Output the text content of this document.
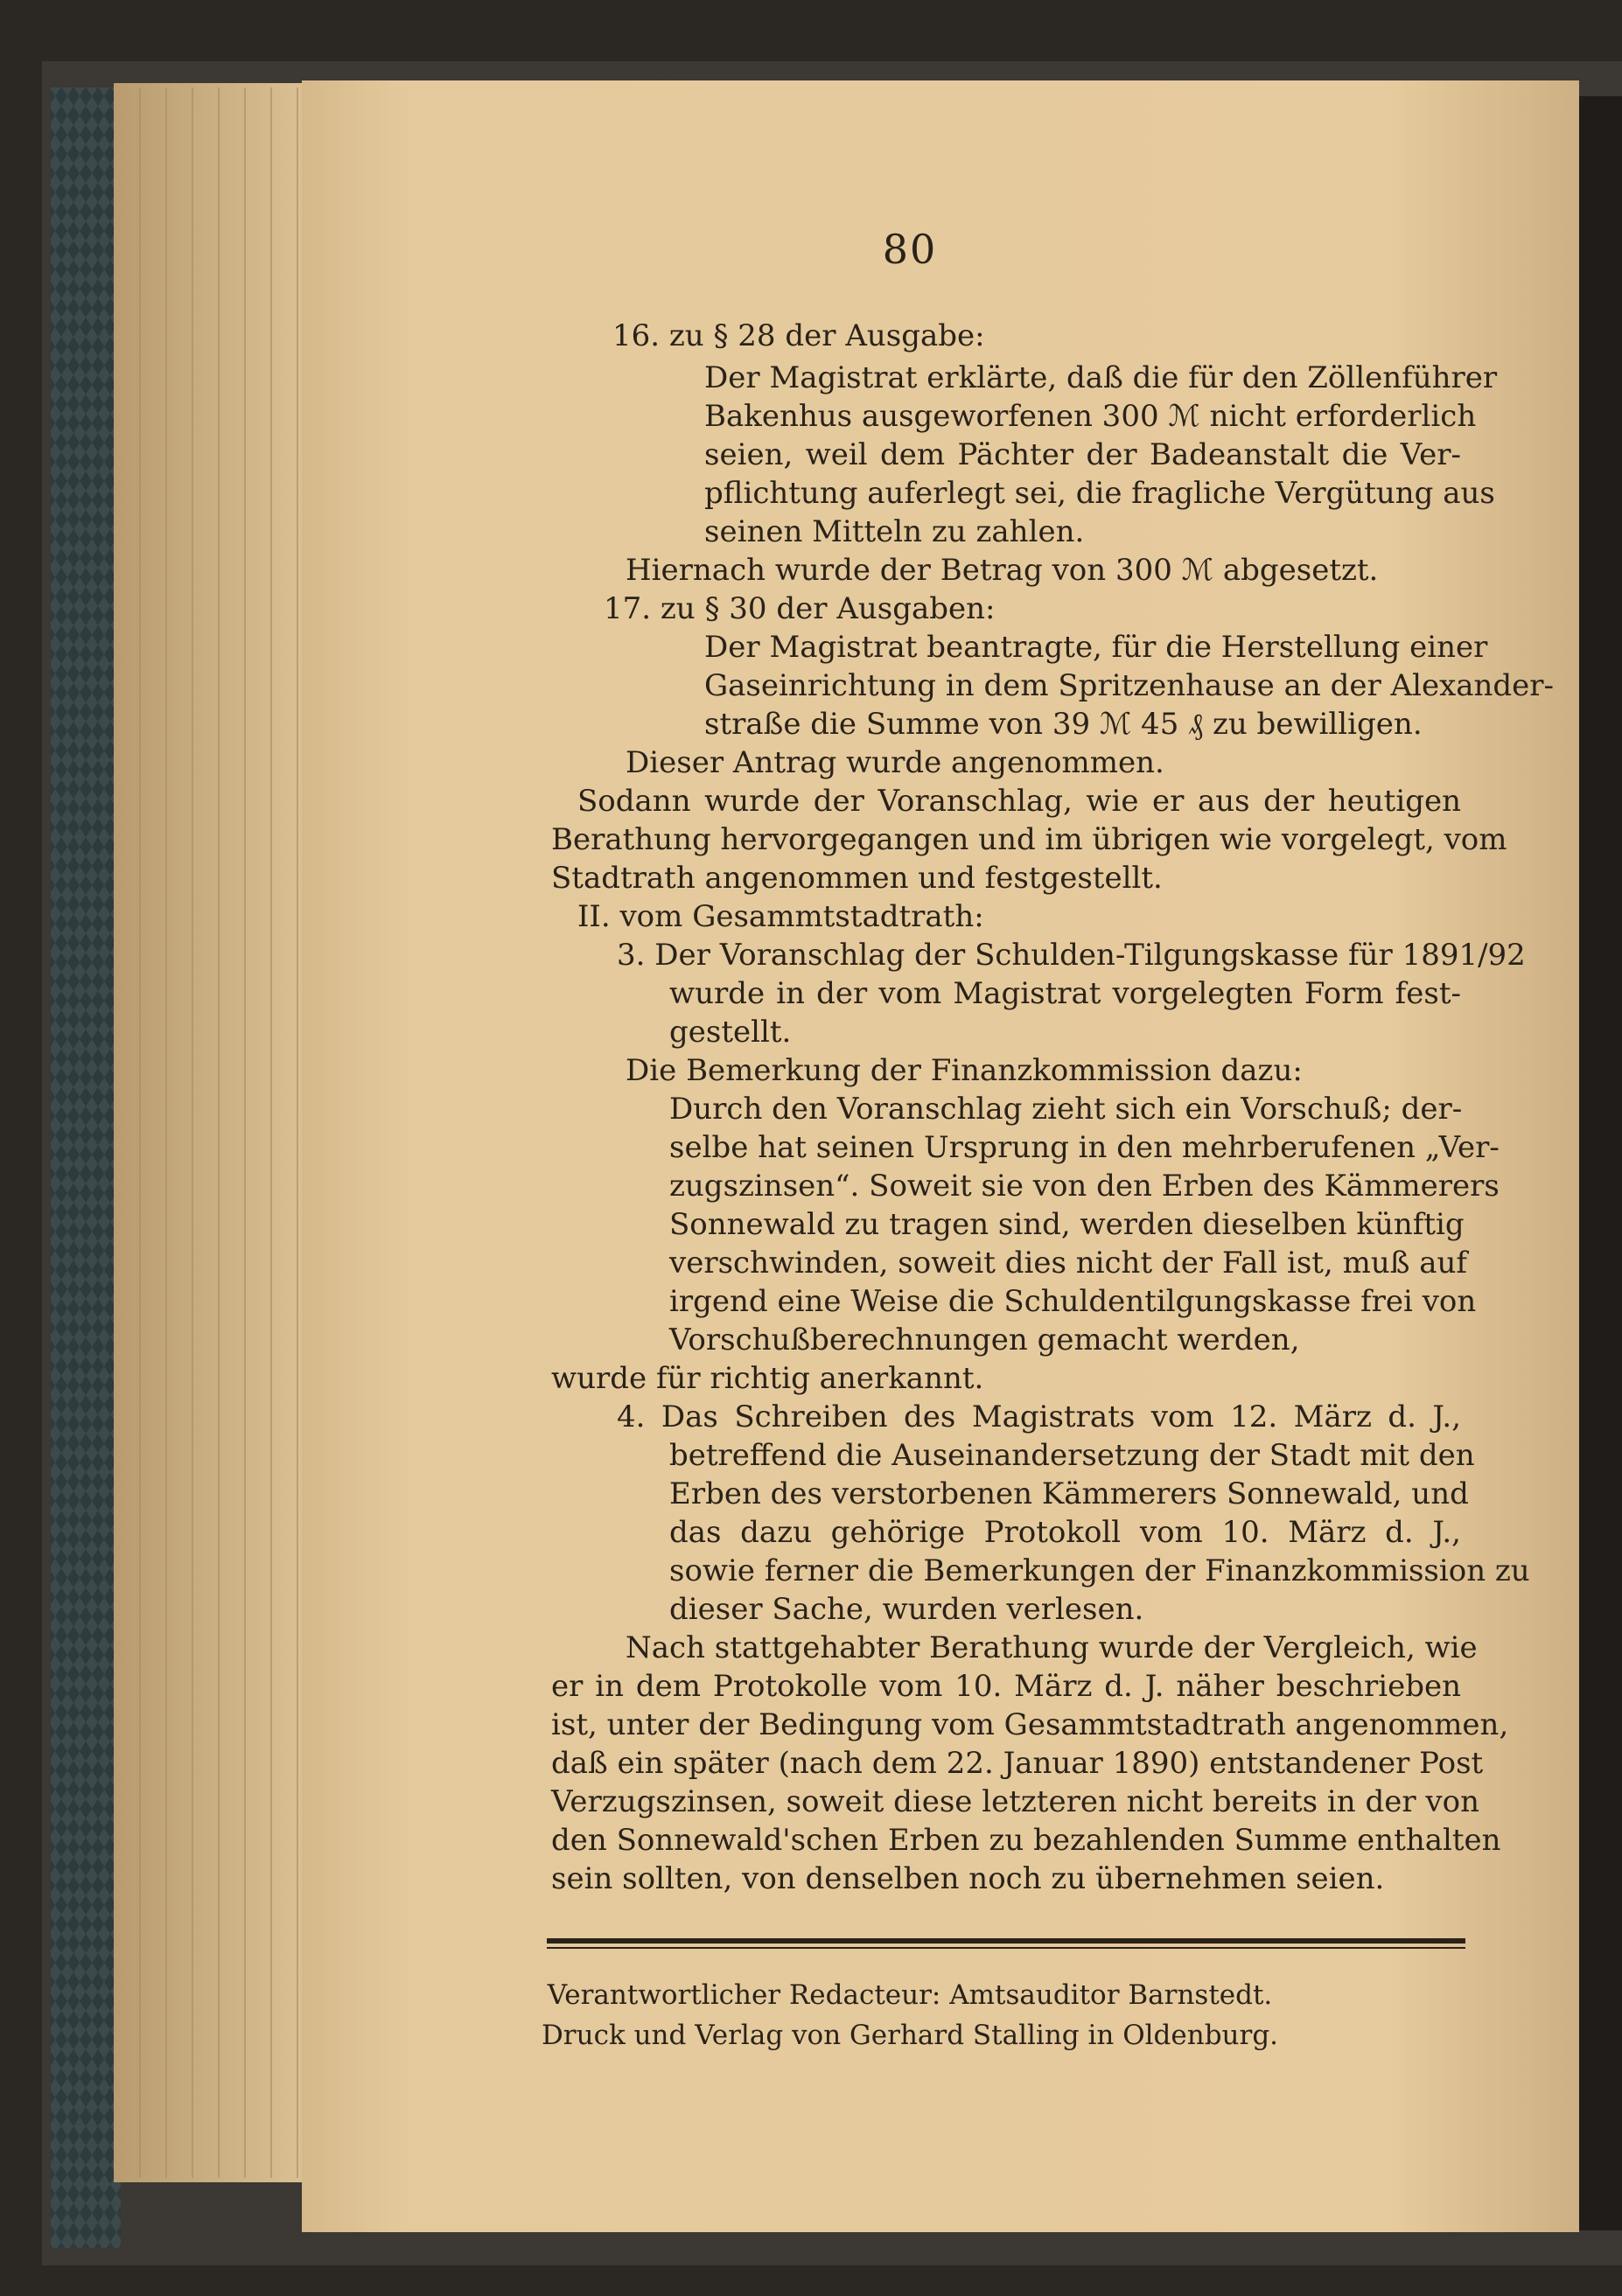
80
16. zu § 28 der Ausgabe:
Der Magistrat erklärte, daß die für den Zöllenführer
Bakenhus ausgeworfenen 300 ℳ nicht erforderlich
seien, weil dem Pächter der Badeanstalt die Ver-
pflichtung auferlegt sei, die fragliche Vergütung aus
seinen Mitteln zu zahlen.
Hiernach wurde der Betrag von 300 ℳ abgesetzt.
17. zu § 30 der Ausgaben:
Der Magistrat beantragte, für die Herstellung einer
Gaseinrichtung in dem Spritzenhause an der Alexander-
straße die Summe von 39 ℳ 45 ₰ zu bewilligen.
Dieser Antrag wurde angenommen.
Sodann wurde der Voranschlag, wie er aus der heutigen
Berathung hervorgegangen und im übrigen wie vorgelegt, vom
Stadtrath angenommen und festgestellt.
II. vom Gesammtstadtrath:
3. Der Voranschlag der Schulden-Tilgungskasse für 1891/92
wurde in der vom Magistrat vorgelegten Form fest-
gestellt.
Die Bemerkung der Finanzkommission dazu:
Durch den Voranschlag zieht sich ein Vorschuß; der-
selbe hat seinen Ursprung in den mehrberufenen „Ver-
zugszinsen“. Soweit sie von den Erben des Kämmerers
Sonnewald zu tragen sind, werden dieselben künftig
verschwinden, soweit dies nicht der Fall ist, muß auf
irgend eine Weise die Schuldentilgungskasse frei von
Vorschußberechnungen gemacht werden,
wurde für richtig anerkannt.
4. Das Schreiben des Magistrats vom 12. März d. J.,
betreffend die Auseinandersetzung der Stadt mit den
Erben des verstorbenen Kämmerers Sonnewald, und
das dazu gehörige Protokoll vom 10. März d. J.,
sowie ferner die Bemerkungen der Finanzkommission zu
dieser Sache, wurden verlesen.
Nach stattgehabter Berathung wurde der Vergleich, wie
er in dem Protokolle vom 10. März d. J. näher beschrieben
ist, unter der Bedingung vom Gesammtstadtrath angenommen,
daß ein später (nach dem 22. Januar 1890) entstandener Post
Verzugszinsen, soweit diese letzteren nicht bereits in der von
den Sonnewald'schen Erben zu bezahlenden Summe enthalten
sein sollten, von denselben noch zu übernehmen seien.
Verantwortlicher Redacteur: Amtsauditor Barnstedt.
Druck und Verlag von Gerhard Stalling in Oldenburg.
